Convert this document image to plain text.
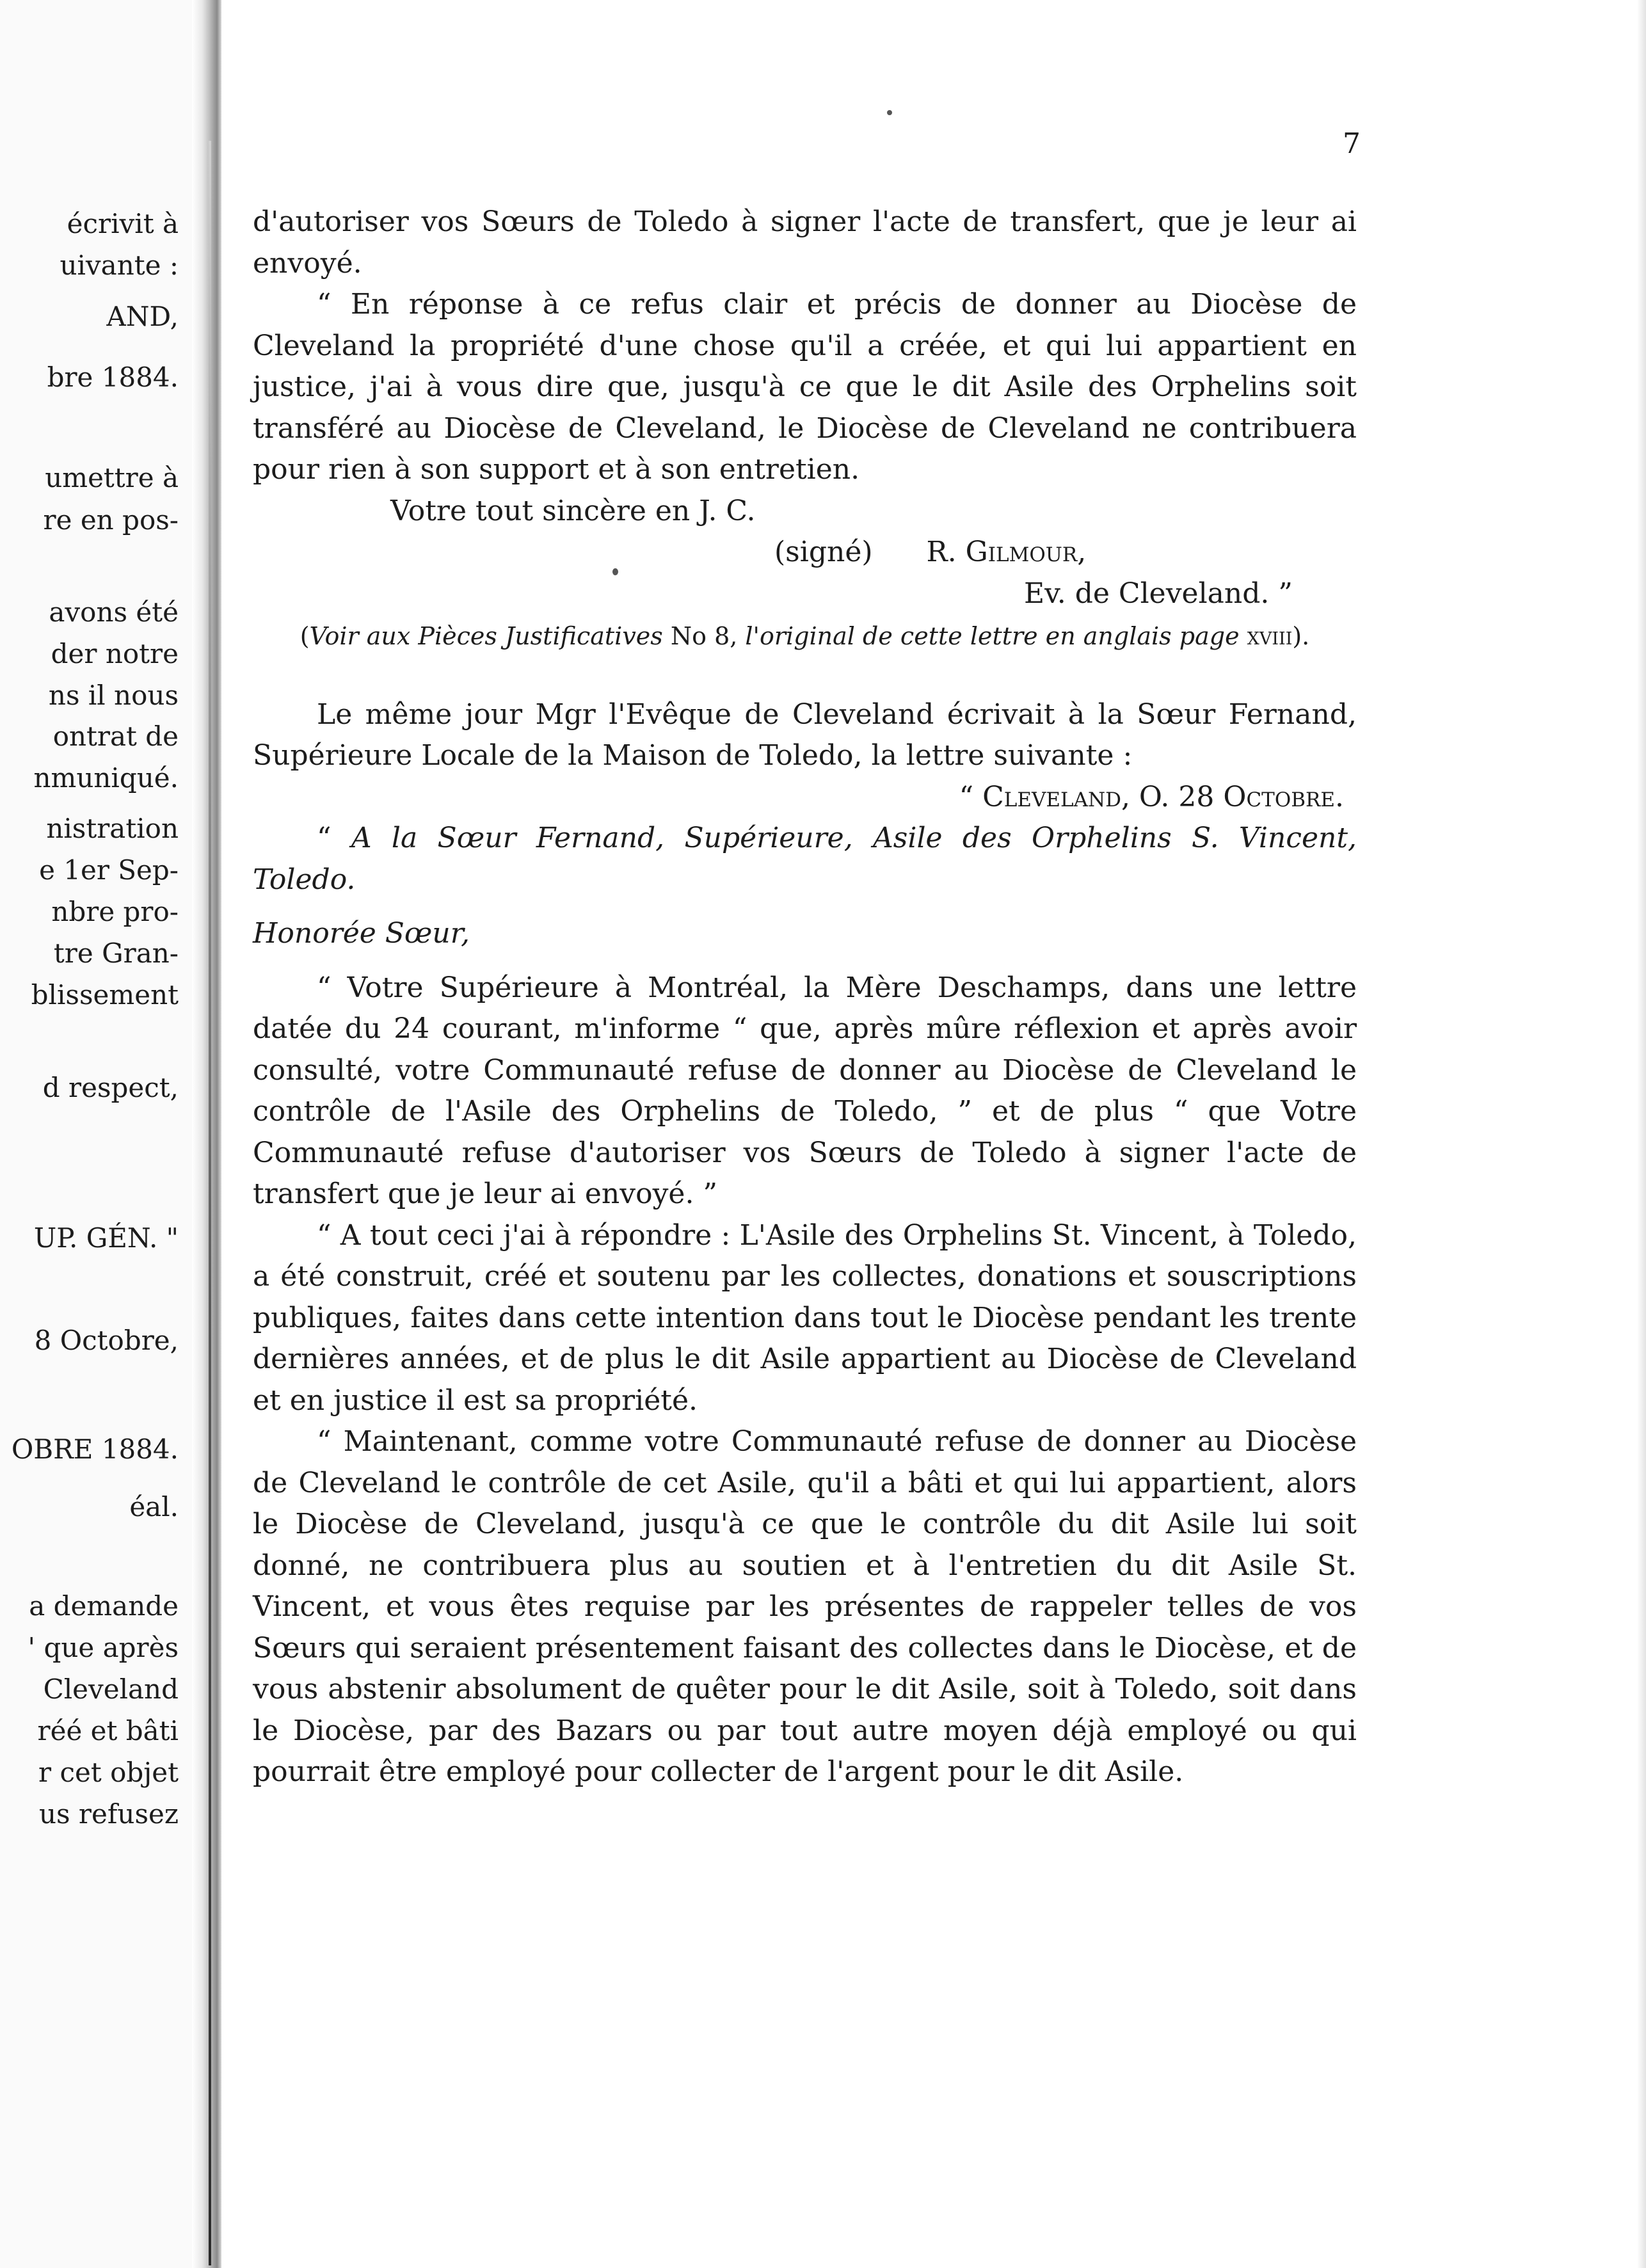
écrivit à
uivante :
AND,
bre 1884.
umettre à
re en pos-
avons été
der notre
ns il nous
ontrat de
nmuniqué.
nistration
e 1er Sep-
nbre pro-
tre Gran-
blissement
d respect,
UP. GÉN. "
8 Octobre,
OBRE 1884.
éal.
a demande
' que après
Cleveland
réé et bâti
r cet objet
us refusez
7

d'autoriser vos Sœurs de Toledo à signer l'acte de transfert, que je leur ai envoyé.

“ En réponse à ce refus clair et précis de donner au Diocèse de Cleveland la propriété d'une chose qu'il a créée, et qui lui appartient en justice, j'ai à vous dire que, jusqu'à ce que le dit Asile des Orphelins soit transféré au Diocèse de Cleveland, le Diocèse de Cleveland ne contribuera pour rien à son support et à son entretien.

Votre tout sincère en J. C.

(signé) R. Gilmour,

Ev. de Cleveland. ”

(Voir aux Pièces Justificatives No 8, l'original de cette lettre en anglais page xviii).

Le même jour Mgr l'Evêque de Cleveland écrivait à la Sœur Fernand, Supérieure Locale de la Maison de Toledo, la lettre suivante :

“ Cleveland, O. 28 Octobre.

“ A la Sœur Fernand, Supérieure, Asile des Orphelins S. Vincent, Toledo.

Honorée Sœur,

“ Votre Supérieure à Montréal, la Mère Deschamps, dans une lettre datée du 24 courant, m'informe “ que, après mûre réflexion et après avoir consulté, votre Communauté refuse de donner au Diocèse de Cleveland le contrôle de l'Asile des Orphelins de Toledo, ” et de plus “ que Votre Communauté refuse d'autoriser vos Sœurs de Toledo à signer l'acte de transfert que je leur ai envoyé. ”

“ A tout ceci j'ai à répondre : L'Asile des Orphelins St. Vincent, à Toledo, a été construit, créé et soutenu par les collectes, donations et souscriptions publiques, faites dans cette intention dans tout le Diocèse pendant les trente dernières années, et de plus le dit Asile appartient au Diocèse de Cleveland et en justice il est sa propriété.

“ Maintenant, comme votre Communauté refuse de donner au Diocèse de Cleveland le contrôle de cet Asile, qu'il a bâti et qui lui appartient, alors le Diocèse de Cleveland, jusqu'à ce que le contrôle du dit Asile lui soit donné, ne contribuera plus au soutien et à l'entretien du dit Asile St. Vincent, et vous êtes requise par les présentes de rappeler telles de vos Sœurs qui seraient présentement faisant des collectes dans le Diocèse, et de vous abstenir absolument de quêter pour le dit Asile, soit à Toledo, soit dans le Diocèse, par des Bazars ou par tout autre moyen déjà employé ou qui pourrait être employé pour collecter de l'argent pour le dit Asile.
